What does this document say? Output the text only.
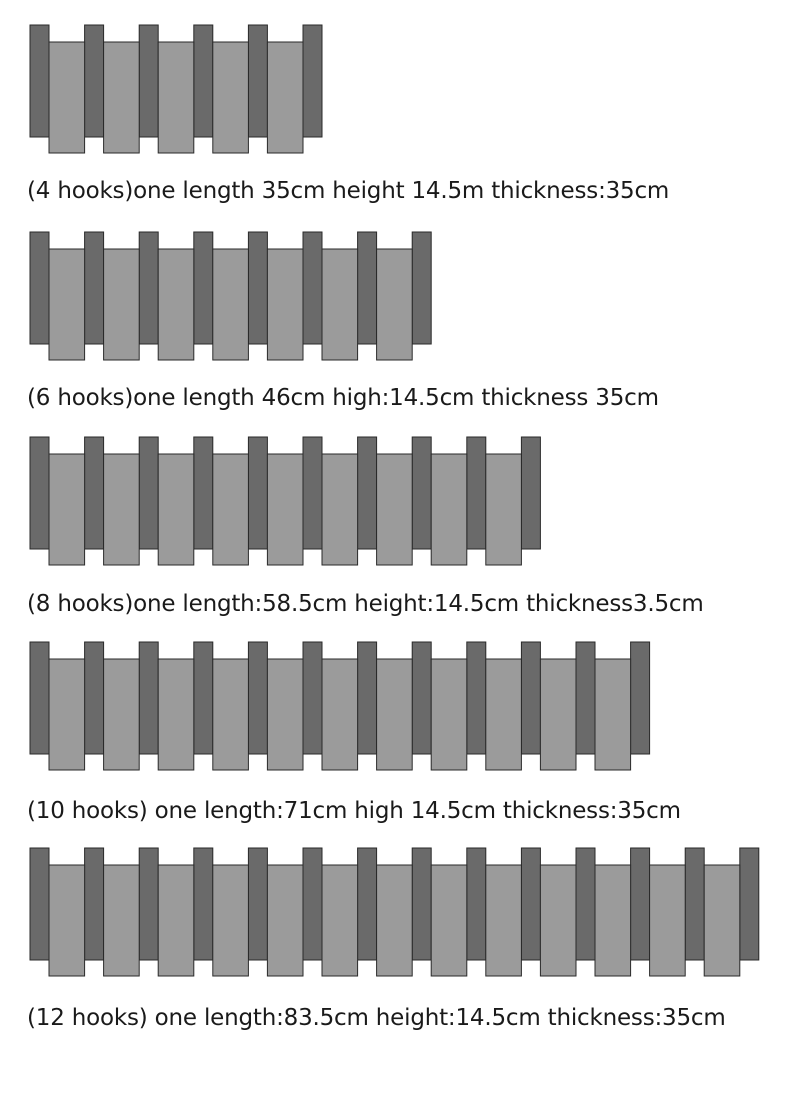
(4 hooks)one length 35cm height 14.5m thickness:35cm
(6 hooks)one length 46cm high:14.5cm thickness 35cm
(8 hooks)one length:58.5cm height:14.5cm thickness3.5cm
(10 hooks) one length:71cm high 14.5cm thickness:35cm
(12 hooks) one length:83.5cm height:14.5cm thickness:35cm
